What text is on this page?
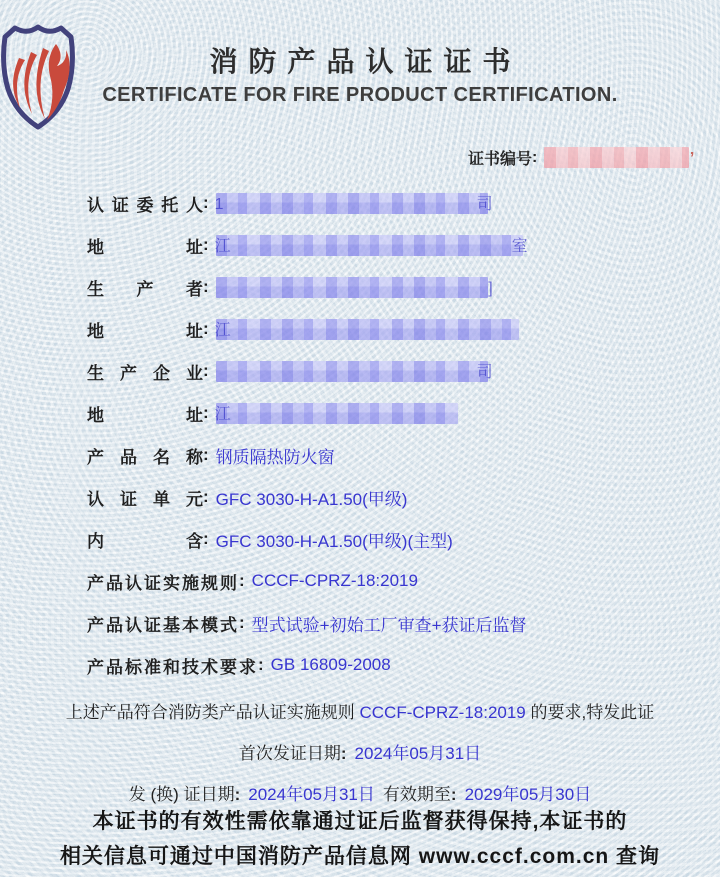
消防产品认证证书
CERTIFICATE FOR FIRE PRODUCT CERTIFICATION.
证书编号 :	’
认证委托人 : 1	司
地址 : 江	室
生产者 :	]
地址 : 江
生产企业 :	司
地址 : 江
产品名称 : 钢质隔热防火窗
认证单元 : GFC 3030-H-A1.50(甲级)
内含 : GFC 3030-H-A1.50(甲级)(主型)
产品认证实施规则 : CCCF-CPRZ-18:2019
产品认证基本模式 : 型式试验+初始工厂审查+获证后监督
产品标准和技术要求 : GB 16809-2008
上述产品符合消防类产品认证实施规则 CCCF-CPRZ-18:2019 的要求,特发此证
首次发证日期: 2024年05月31日
发 (换) 证日期: 2024年05月31日 有效期至: 2029年05月30日
本证书的有效性需依靠通过证后监督获得保持,本证书的
相关信息可通过中国消防产品信息网 www.cccf.com.cn 查询
